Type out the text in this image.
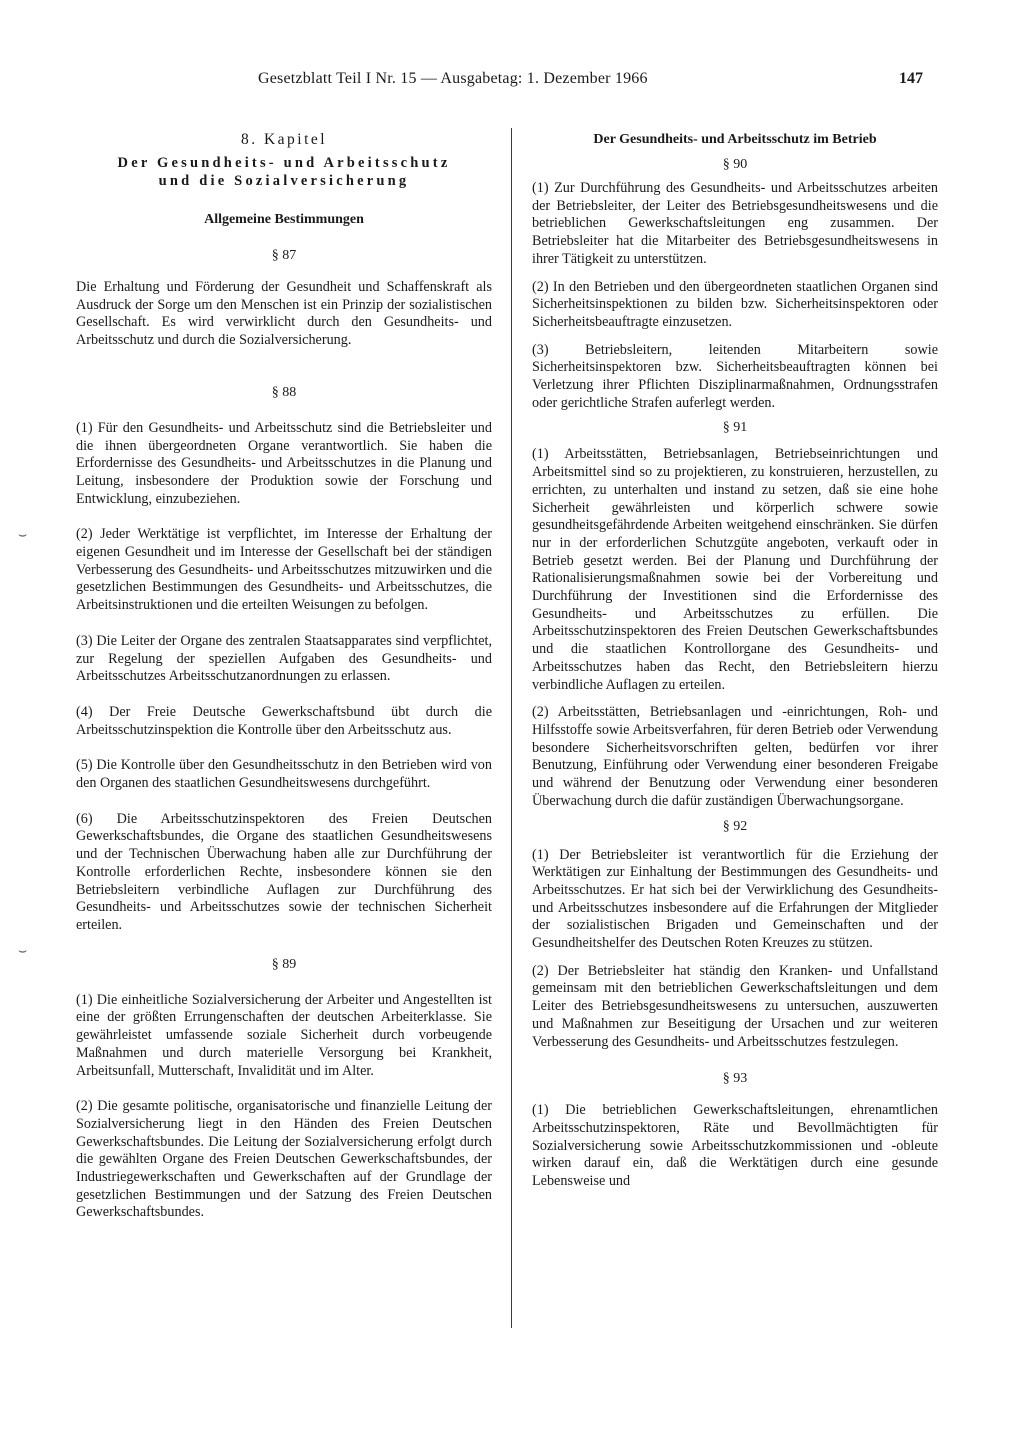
Gesetzblatt Teil I Nr. 15 — Ausgabetag: 1. Dezember 1966	147
⌣
⌣
8. Kapitel
Der Gesundheits- und Arbeitsschutz
und die Sozialversicherung
Allgemeine Bestimmungen
§ 87

Die Erhaltung und Förderung der Gesundheit und Schaffenskraft als Ausdruck der Sorge um den Menschen ist ein Prinzip der sozialistischen Gesellschaft. Es wird verwirklicht durch den Gesundheits- und Arbeitsschutz und durch die Sozialversicherung.

§ 88

(1) Für den Gesundheits- und Arbeitsschutz sind die Betriebsleiter und die ihnen übergeordneten Organe verantwortlich. Sie haben die Erfordernisse des Gesundheits- und Arbeitsschutzes in die Planung und Leitung, insbesondere der Produktion sowie der Forschung und Entwicklung, einzubeziehen.

(2) Jeder Werktätige ist verpflichtet, im Interesse der Erhaltung der eigenen Gesundheit und im Interesse der Gesellschaft bei der ständigen Verbesserung des Gesundheits- und Arbeitsschutzes mitzuwirken und die gesetzlichen Bestimmungen des Gesundheits- und Arbeitsschutzes, die Arbeitsinstruktionen und die erteilten Weisungen zu befolgen.

(3) Die Leiter der Organe des zentralen Staatsapparates sind verpflichtet, zur Regelung der speziellen Aufgaben des Gesundheits- und Arbeitsschutzes Arbeitsschutzanordnungen zu erlassen.

(4) Der Freie Deutsche Gewerkschaftsbund übt durch die Arbeitsschutzinspektion die Kontrolle über den Arbeitsschutz aus.

(5) Die Kontrolle über den Gesundheitsschutz in den Betrieben wird von den Organen des staatlichen Gesundheitswesens durchgeführt.

(6) Die Arbeitsschutzinspektoren des Freien Deutschen Gewerkschaftsbundes, die Organe des staatlichen Gesundheitswesens und der Technischen Überwachung haben alle zur Durchführung der Kontrolle erforderlichen Rechte, insbesondere können sie den Betriebsleitern verbindliche Auflagen zur Durchführung des Gesundheits- und Arbeitsschutzes sowie der technischen Sicherheit erteilen.

§ 89

(1) Die einheitliche Sozialversicherung der Arbeiter und Angestellten ist eine der größten Errungenschaften der deutschen Arbeiterklasse. Sie gewährleistet umfassende soziale Sicherheit durch vorbeugende Maßnahmen und durch materielle Versorgung bei Krankheit, Arbeitsunfall, Mutterschaft, Invalidität und im Alter.

(2) Die gesamte politische, organisatorische und finanzielle Leitung der Sozialversicherung liegt in den Händen des Freien Deutschen Gewerkschaftsbundes. Die Leitung der Sozialversicherung erfolgt durch die gewählten Organe des Freien Deutschen Gewerkschaftsbundes, der Industriegewerkschaften und Gewerkschaften auf der Grundlage der gesetzlichen Bestimmungen und der Satzung des Freien Deutschen Gewerkschaftsbundes.

Der Gesundheits- und Arbeitsschutz im Betrieb
§ 90

(1) Zur Durchführung des Gesundheits- und Arbeitsschutzes arbeiten der Betriebsleiter, der Leiter des Betriebsgesundheitswesens und die betrieblichen Gewerkschaftsleitungen eng zusammen. Der Betriebsleiter hat die Mitarbeiter des Betriebsgesundheitswesens in ihrer Tätigkeit zu unterstützen.

(2) In den Betrieben und den übergeordneten staatlichen Organen sind Sicherheitsinspektionen zu bilden bzw. Sicherheitsinspektoren oder Sicherheitsbeauftragte einzusetzen.

(3) Betriebsleitern, leitenden Mitarbeitern sowie Sicherheitsinspektoren bzw. Sicherheitsbeauftragten können bei Verletzung ihrer Pflichten Disziplinarmaßnahmen, Ordnungsstrafen oder gerichtliche Strafen auferlegt werden.

§ 91

(1) Arbeitsstätten, Betriebsanlagen, Betriebseinrichtungen und Arbeitsmittel sind so zu projektieren, zu konstruieren, herzustellen, zu errichten, zu unterhalten und instand zu setzen, daß sie eine hohe Sicherheit gewährleisten und körperlich schwere sowie gesundheitsgefährdende Arbeiten weitgehend einschränken. Sie dürfen nur in der erforderlichen Schutzgüte angeboten, verkauft oder in Betrieb gesetzt werden. Bei der Planung und Durchführung der Rationalisierungsmaßnahmen sowie bei der Vorbereitung und Durchführung der Investitionen sind die Erfordernisse des Gesundheits- und Arbeitsschutzes zu erfüllen. Die Arbeitsschutzinspektoren des Freien Deutschen Gewerkschaftsbundes und die staatlichen Kontrollorgane des Gesundheits- und Arbeitsschutzes haben das Recht, den Betriebsleitern hierzu verbindliche Auflagen zu erteilen.

(2) Arbeitsstätten, Betriebsanlagen und -einrichtungen, Roh- und Hilfsstoffe sowie Arbeitsverfahren, für deren Betrieb oder Verwendung besondere Sicherheitsvorschriften gelten, bedürfen vor ihrer Benutzung, Einführung oder Verwendung einer besonderen Freigabe und während der Benutzung oder Verwendung einer besonderen Überwachung durch die dafür zuständigen Überwachungsorgane.

§ 92

(1) Der Betriebsleiter ist verantwortlich für die Erziehung der Werktätigen zur Einhaltung der Bestimmungen des Gesundheits- und Arbeitsschutzes. Er hat sich bei der Verwirklichung des Gesundheits- und Arbeitsschutzes insbesondere auf die Erfahrungen der Mitglieder der sozialistischen Brigaden und Gemeinschaften und der Gesundheitshelfer des Deutschen Roten Kreuzes zu stützen.

(2) Der Betriebsleiter hat ständig den Kranken- und Unfallstand gemeinsam mit den betrieblichen Gewerkschaftsleitungen und dem Leiter des Betriebsgesundheitswesens zu untersuchen, auszuwerten und Maßnahmen zur Beseitigung der Ursachen und zur weiteren Verbesserung des Gesundheits- und Arbeitsschutzes festzulegen.

§ 93

(1) Die betrieblichen Gewerkschaftsleitungen, ehrenamtlichen Arbeitsschutzinspektoren, Räte und Bevollmächtigten für Sozialversicherung sowie Arbeitsschutzkommissionen und -obleute wirken darauf ein, daß die Werktätigen durch eine gesunde Lebensweise und
